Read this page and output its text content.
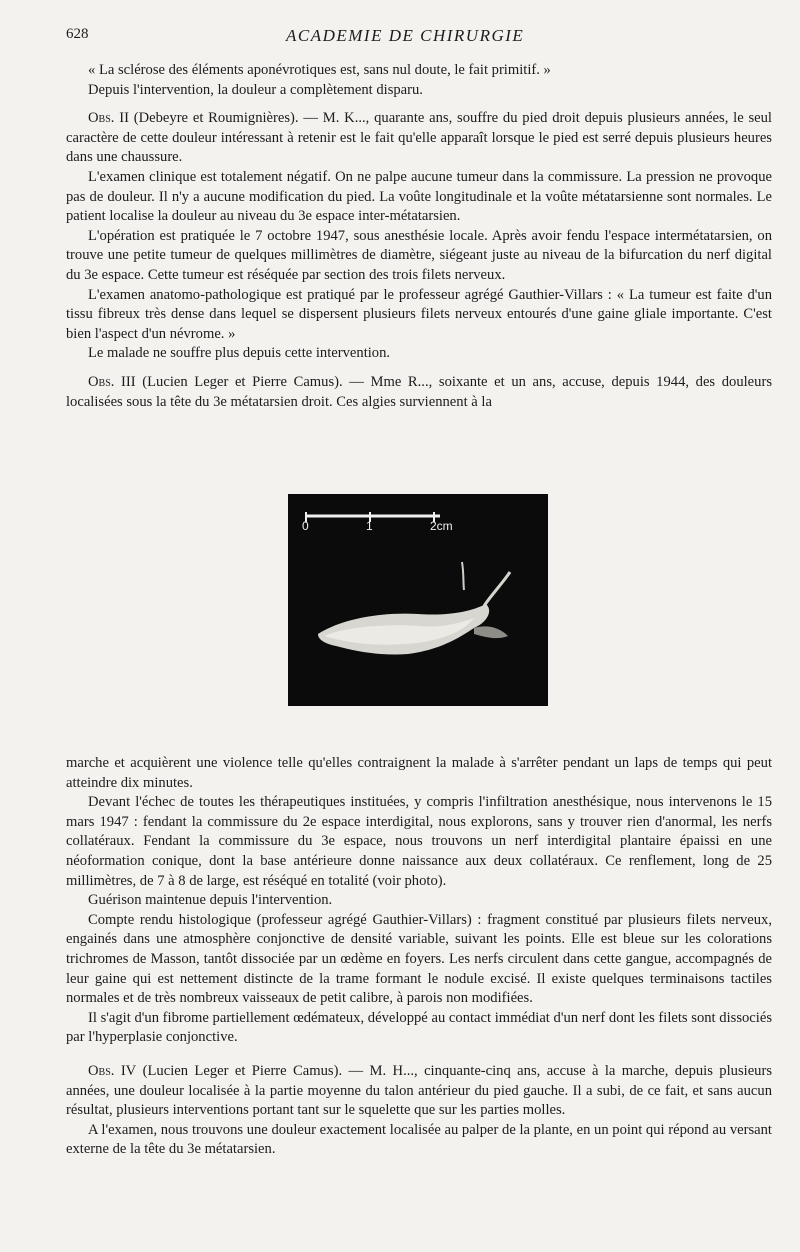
628	ACADEMIE DE CHIRURGIE

« La sclérose des éléments aponévrotiques est, sans nul doute, le fait primitif. »

Depuis l'intervention, la douleur a complètement disparu.

Obs. II (Debeyre et Roumignières). — M. K..., quarante ans, souffre du pied droit depuis plusieurs années, le seul caractère de cette douleur intéressant à retenir est le fait qu'elle apparaît lorsque le pied est serré depuis plusieurs heures dans une chaussure.

L'examen clinique est totalement négatif. On ne palpe aucune tumeur dans la commissure. La pression ne provoque pas de douleur. Il n'y a aucune modification du pied. La voûte longitudinale et la voûte métatarsienne sont normales. Le patient localise la douleur au niveau du 3e espace inter-métatarsien.

L'opération est pratiquée le 7 octobre 1947, sous anesthésie locale. Après avoir fendu l'espace intermétatarsien, on trouve une petite tumeur de quelques millimètres de diamètre, siégeant juste au niveau de la bifurcation du nerf digital du 3e espace. Cette tumeur est réséquée par section des trois filets nerveux.

L'examen anatomo-pathologique est pratiqué par le professeur agrégé Gauthier-Villars : « La tumeur est faite d'un tissu fibreux très dense dans lequel se dispersent plusieurs filets nerveux entourés d'une gaine gliale importante. C'est bien l'aspect d'un névrome. »

Le malade ne souffre plus depuis cette intervention.

Obs. III (Lucien Leger et Pierre Camus). — Mme R..., soixante et un ans, accuse, depuis 1944, des douleurs localisées sous la tête du 3e métatarsien droit. Ces algies surviennent à la

0	1	2cm

marche et acquièrent une violence telle qu'elles contraignent la malade à s'arrêter pendant un laps de temps qui peut atteindre dix minutes.

Devant l'échec de toutes les thérapeutiques instituées, y compris l'infiltration anesthésique, nous intervenons le 15 mars 1947 : fendant la commissure du 2e espace interdigital, nous explorons, sans y trouver rien d'anormal, les nerfs collatéraux. Fendant la commissure du 3e espace, nous trouvons un nerf interdigital plantaire épaissi en une néoformation conique, dont la base antérieure donne naissance aux deux collatéraux. Ce renflement, long de 25 millimètres, de 7 à 8 de large, est réséqué en totalité (voir photo).

Guérison maintenue depuis l'intervention.

Compte rendu histologique (professeur agrégé Gauthier-Villars) : fragment constitué par plusieurs filets nerveux, engainés dans une atmosphère conjonctive de densité variable, suivant les points. Elle est bleue sur les colorations trichromes de Masson, tantôt dissociée par un œdème en foyers. Les nerfs circulent dans cette gangue, accompagnés de leur gaine qui est nettement distincte de la trame formant le nodule excisé. Il existe quelques terminaisons tactiles normales et de très nombreux vaisseaux de petit calibre, à parois non modifiées.

Il s'agit d'un fibrome partiellement œdémateux, développé au contact immédiat d'un nerf dont les filets sont dissociés par l'hyperplasie conjonctive.

Obs. IV (Lucien Leger et Pierre Camus). — M. H..., cinquante-cinq ans, accuse à la marche, depuis plusieurs années, une douleur localisée à la partie moyenne du talon antérieur du pied gauche. Il a subi, de ce fait, et sans aucun résultat, plusieurs interventions portant tant sur le squelette que sur les parties molles.

A l'examen, nous trouvons une douleur exactement localisée au palper de la plante, en un point qui répond au versant externe de la tête du 3e métatarsien.
